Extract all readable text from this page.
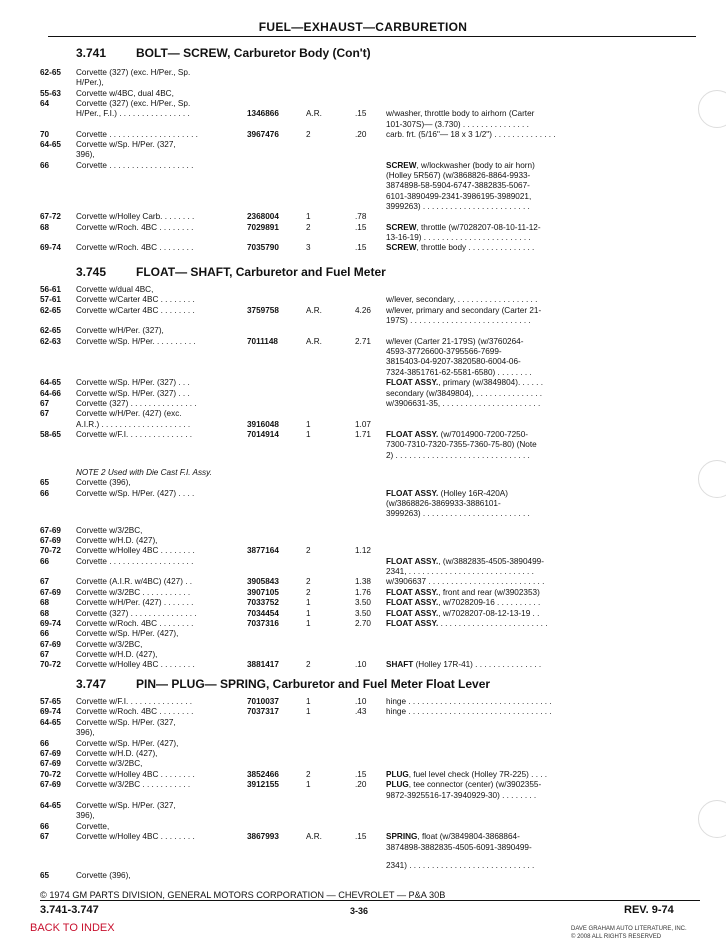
FUEL—EXHAUST—CARBURETION
3.741 BOLT— SCREW, Carburetor Body (Con't)
3.745 FLOAT— SHAFT, Carburetor and Fuel Meter
3.747 PIN— PLUG— SPRING, Carburetor and Fuel Meter Float Lever
62-65 Corvette (327) (exc. H/Per., Sp.
H/Per.),
55-63 Corvette w/4BC, dual 4BC,
64	Corvette (327) (exc. H/Per., Sp.
H/Per., F.I.) . . . . . . . . . . . . . . . .	1346866	A.R.	.15 w/washer, throttle body to airhorn (Carter
101-307S)— (3.730) . . . . . . . . . . . . . . .
70	Corvette . . . . . . . . . . . . . . . . . . . .	3967476	2	.20 carb. frt. (5/16"— 18 x 3 1/2") . . . . . . . . . . . . . .
64-65 Corvette w/Sp. H/Per. (327,
396),
66	Corvette . . . . . . . . . . . . . . . . . . .	SCREW, w/lockwasher (body to air horn)
(Holley 5R567) (w/3868826-8864-9933-
3874898-58-5904-6747-3882835-5067-
6101-3890499-2341-3986195-3989021,
3999263) . . . . . . . . . . . . . . . . . . . . . . . .
67-72 Corvette w/Holley Carb. . . . . . . .	2368004	1	.78
68	Corvette w/Roch. 4BC . . . . . . . .	7029891	2	.15 SCREW, throttle (w/7028207-08-10-11-12-
13-16-19) . . . . . . . . . . . . . . . . . . . . . . . .
69-74 Corvette w/Roch. 4BC . . . . . . . .	7035790	3	.15 SCREW, throttle body . . . . . . . . . . . . . . .
56-61 Corvette w/dual 4BC,
57-61 Corvette w/Carter 4BC . . . . . . . .	w/lever, secondary, . . . . . . . . . . . . . . . . . .
62-65 Corvette w/Carter 4BC . . . . . . . .	3759758	A.R.	4.26 w/lever, primary and secondary (Carter 21-
197S) . . . . . . . . . . . . . . . . . . . . . . . . . . .
62-65 Corvette w/H/Per. (327),
62-63 Corvette w/Sp. H/Per. . . . . . . . . .	7011148	A.R.	2.71 w/lever (Carter 21-179S) (w/3760264-
4593-37726600-3795566-7699-
3815403-04-9207-3820580-6004-06-
7324-3851761-62-5581-6580) . . . . . . . .
64-65 Corvette w/Sp. H/Per. (327) . . .	FLOAT ASSY., primary (w/3849804). . . . . .
64-66 Corvette w/Sp. H/Per. (327) . . .	secondary (w/3849804), . . . . . . . . . . . . . . .
67	Corvette (327) . . . . . . . . . . . . . . .	w/3906631-35, . . . . . . . . . . . . . . . . . . . . . .
67	Corvette w/H/Per. (427) (exc.
A.I.R.) . . . . . . . . . . . . . . . . . . . .	3916048	1	1.07
58-65 Corvette w/F.I. . . . . . . . . . . . . . .	7014914	1	1.71 FLOAT ASSY. (w/7014900-7200-7250-
7300-7310-7320-7355-7360-75-80) (Note
2) . . . . . . . . . . . . . . . . . . . . . . . . . . . . . .
NOTE 2 Used with Die Cast F.I. Assy.
65	Corvette (396),
66	Corvette w/Sp. H/Per. (427) . . . .	FLOAT ASSY. (Holley 16R-420A)
(w/3868826-3869933-3886101-
3999263) . . . . . . . . . . . . . . . . . . . . . . . .
67-69 Corvette w/3/2BC,
67-69 Corvette w/H.D. (427),
70-72 Corvette w/Holley 4BC . . . . . . . .	3877164	2	1.12
66	Corvette . . . . . . . . . . . . . . . . . . .	FLOAT ASSY., (w/3882835-4505-3890499-
2341, . . . . . . . . . . . . . . . . . . . . . . . . . . . .
67	Corvette (A.I.R. w/4BC) (427) . .	3905843	2	1.38 w/3906637 . . . . . . . . . . . . . . . . . . . . . . . . . .
67-69 Corvette w/3/2BC . . . . . . . . . . .	3907105	2	1.76 FLOAT ASSY., front and rear (w/3902353)
68	Corvette w/H/Per. (427) . . . . . . .	7033752	1	3.50 FLOAT ASSY., w/7028209-16 . . . . . . . . . .
68	Corvette (327) . . . . . . . . . . . . . . .	7034454	1	3.50 FLOAT ASSY., w/7028207-08-12-13-19 . .
69-74 Corvette w/Roch. 4BC . . . . . . . .	7037316	1	2.70 FLOAT ASSY. . . . . . . . . . . . . . . . . . . . . . . . .
66	Corvette w/Sp. H/Per. (427),
67-69 Corvette w/3/2BC,
67	Corvette w/H.D. (427),
70-72 Corvette w/Holley 4BC . . . . . . . .	3881417	2	.10 SHAFT (Holley 17R-41) . . . . . . . . . . . . . . .
57-65 Corvette w/F.I. . . . . . . . . . . . . . .	7010037	1	.10 hinge . . . . . . . . . . . . . . . . . . . . . . . . . . . . . . . .
69-74 Corvette w/Roch. 4BC . . . . . . . .	7037317	1	.43 hinge . . . . . . . . . . . . . . . . . . . . . . . . . . . . . . . .
64-65 Corvette w/Sp. H/Per. (327,
396),
66	Corvette w/Sp. H/Per. (427),
67-69 Corvette w/H.D. (427),
67-69 Corvette w/3/2BC,
70-72 Corvette w/Holley 4BC . . . . . . . .	3852466	2	.15 PLUG, fuel level check (Holley 7R-225) . . . .
67-69 Corvette w/3/2BC . . . . . . . . . . .	3912155	1	.20 PLUG, tee connector (center) (w/3902355-
9872-3925516-17-3940929-30) . . . . . . . .
64-65 Corvette w/Sp. H/Per. (327,
396),
66	Corvette,
67	Corvette w/Holley 4BC . . . . . . . .	3867993	A.R.	.15 SPRING, float (w/3849804-3868864-
3874898-3882835-4505-6091-3890499-
2341) . . . . . . . . . . . . . . . . . . . . . . . . . . . .
65	Corvette (396),
© 1974 GM PARTS DIVISION, GENERAL MOTORS CORPORATION — CHEVROLET — P&A 30B
3.741-3.747	3-36	REV. 9-74
BACK TO INDEX	DAVE GRAHAM AUTO LITERATURE, INC.
© 2008 ALL RIGHTS RESERVED
